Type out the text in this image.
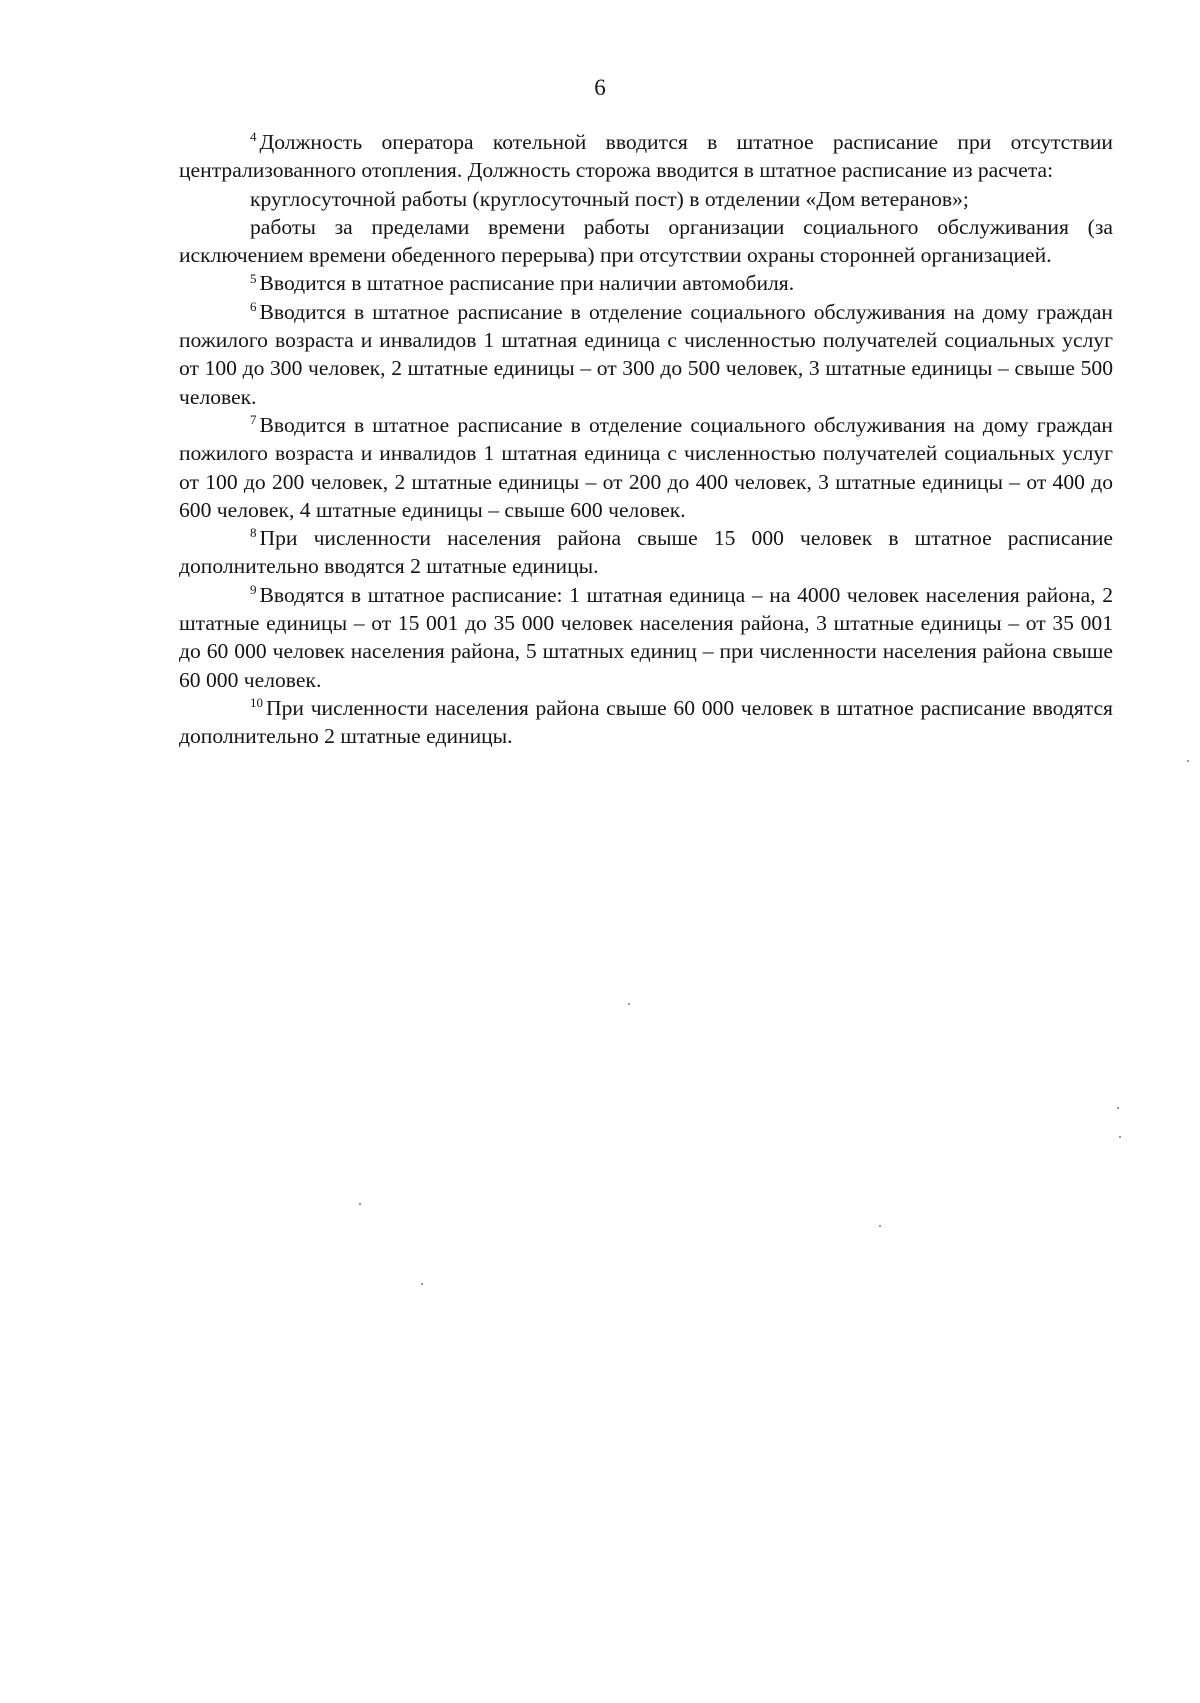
6

$^4$ Должность оператора котельной вводится в штатное расписание при отсутствии централизованного отопления. Должность сторожа вводится в штатное расписание из расчета:

круглосуточной работы (круглосуточный пост) в отделении «Дом ветеранов»;

работы за пределами времени работы организации социального обслуживания (за исключением времени обеденного перерыва) при отсутствии охраны сторонней организацией.

$^5$ Вводится в штатное расписание при наличии автомобиля.

$^6$ Вводится в штатное расписание в отделение социального обслуживания на дому граждан пожилого возраста и инвалидов 1 штатная единица с численностью получателей социальных услуг от 100 до 300 человек, 2 штатные единицы – от 300 до 500 человек, 3 штатные единицы – свыше 500 человек.

$^7$ Вводится в штатное расписание в отделение социального обслуживания на дому граждан пожилого возраста и инвалидов 1 штатная единица с численностью получателей социальных услуг от 100 до 200 человек, 2 штатные единицы – от 200 до 400 человек, 3 штатные единицы – от 400 до 600 человек, 4 штатные единицы – свыше 600 человек.

$^8$ При численности населения района свыше 15 000 человек в штатное расписание дополнительно вводятся 2 штатные единицы.

$^9$ Вводятся в штатное расписание: 1 штатная единица – на 4000 человек населения района, 2 штатные единицы – от 15 001 до 35 000 человек населения района, 3 штатные единицы – от 35 001 до 60 000 человек населения района, 5 штатных единиц – при численности населения района свыше 60 000 человек.

$^{10}$ При численности населения района свыше 60 000 человек в штатное расписание вводятся дополнительно 2 штатные единицы.
